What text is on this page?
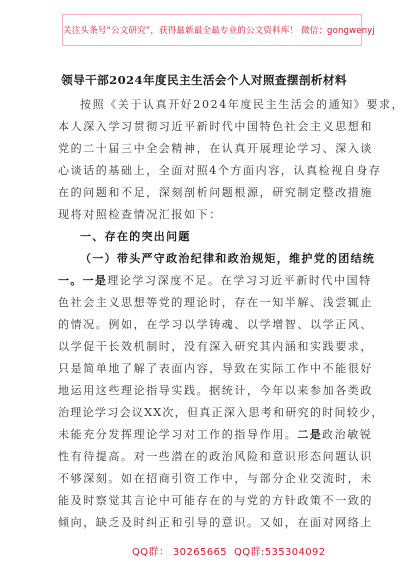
关注头条号“公文研究”，获得最新最全最专业的公文资料库！ 微信：gongwenyj
领导干部2024年度民主生活会个人对照查摆剖析材料
按照《关于认真开好2024年度民主生活会的通知》要求，
本人深入学习贯彻习近平新时代中国特色社会主义思想和
党的二十届三中全会精神，在认真开展理论学习、深入谈
心谈话的基础上，全面对照4个方面内容，认真检视自身存
在的问题和不足，深刻剖析问题根源，研究制定整改措施
现将对照检查情况汇报如下：
一、存在的突出问题
（一）带头严守政治纪律和政治规矩，维护党的团结统
一。一是理论学习深度不足。在学习习近平新时代中国特
色社会主义思想等党的理论时，存在一知半解、浅尝辄止
的情况。例如，在学习以学铸魂、以学增智、以学正风、
以学促干长效机制时，没有深入研究其内涵和实践要求，
只是简单地了解了表面内容，导致在实际工作中不能很好
地运用这些理论指导实践。据统计，今年以来参加各类政
治理论学习会议XX次，但真正深入思考和研究的时间较少，
未能充分发挥理论学习对工作的指导作用。二是政治敏锐
性有待提高。对一些潜在的政治风险和意识形态问题认识
不够深刻。如在招商引资工作中，与部分企业交流时，未
能及时察觉其言论中可能存在的与党的方针政策不一致的
倾向，缺乏及时纠正和引导的意识。又如，在面对网络上
QQ群： 30265665 QQ群:535304092
